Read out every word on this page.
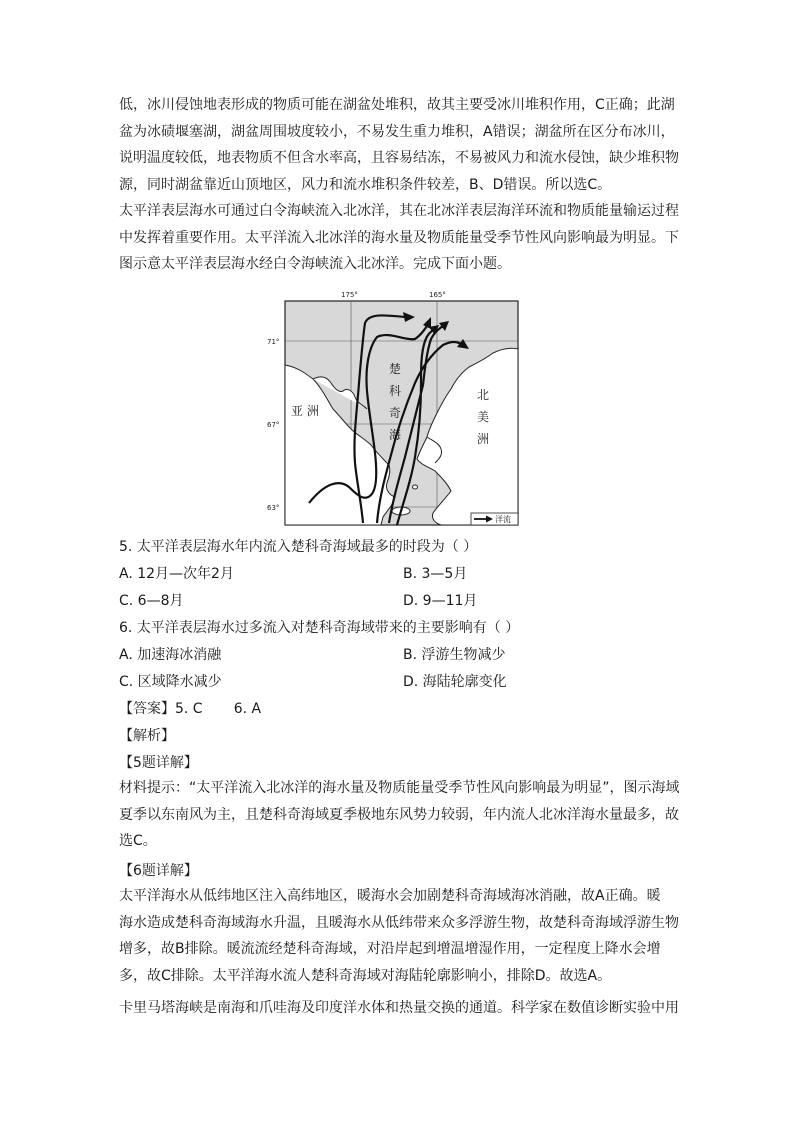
低，冰川侵蚀地表形成的物质可能在湖盆处堆积，故其主要受冰川堆积作用，C正确；此湖
盆为冰碛堰塞湖，湖盆周围坡度较小，不易发生重力堆积，A错误；湖盆所在区分布冰川，
说明温度较低，地表物质不但含水率高，且容易结冻，不易被风力和流水侵蚀，缺少堆积物
源，同时湖盆靠近山顶地区，风力和流水堆积条件较差，B、D错误。所以选C。

太平洋表层海水可通过白令海峡流入北冰洋，其在北冰洋表层海洋环流和物质能量输运过程
中发挥着重要作用。太平洋流入北冰洋的海水量及物质能量受季节性风向影响最为明显。下
图示意太平洋表层海水经白令海峡流入北冰洋。完成下面小题。

175°	165°
71°
67°
63°
亚 洲
楚
科
奇
海
北
美
洲
洋流

5. 太平洋表层海水年内流入楚科奇海域最多的时段为（ ）

A. 12月—次年2月	B. 3—5月
C. 6—8月	D. 9—11月

6. 太平洋表层海水过多流入对楚科奇海域带来的主要影响有（ ）

A. 加速海冰消融	B. 浮游生物减少
C. 区域降水减少	D. 海陆轮廓变化

【答案】5. C       6. A

【解析】

【5题详解】

材料提示：“太平洋流入北冰洋的海水量及物质能量受季节性风向影响最为明显”，图示海域
夏季以东南风为主，且楚科奇海域夏季极地东风势力较弱，年内流人北冰洋海水量最多，故
选C。

【6题详解】

太平洋海水从低纬地区注入高纬地区，暖海水会加剧楚科奇海域海冰消融，故A正确。暖
海水造成楚科奇海域海水升温，且暖海水从低纬带来众多浮游生物，故楚科奇海域浮游生物
增多，故B排除。暖流流经楚科奇海域，对沿岸起到增温增湿作用，一定程度上降水会增
多，故C排除。太平洋海水流人楚科奇海域对海陆轮廓影响小，排除D。故选A。

卡里马塔海峡是南海和爪哇海及印度洋水体和热量交换的通道。科学家在数值诊断实验中用
